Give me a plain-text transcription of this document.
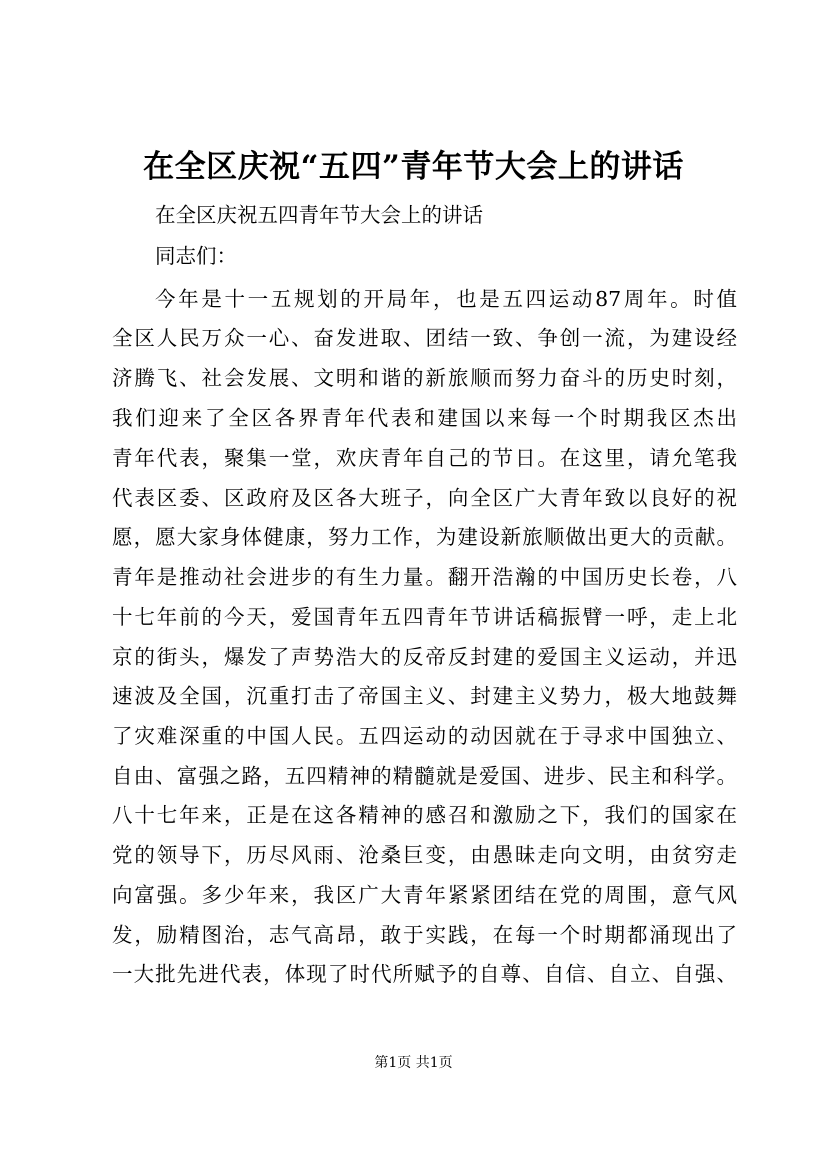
在全区庆祝“五四”青年节大会上的讲话
在全区庆祝五四青年节大会上的讲话
同志们：
今年是十一五规划的开局年，也是五四运动87周年。时值
全区人民万众一心、奋发进取、团结一致、争创一流，为建设经
济腾飞、社会发展、文明和谐的新旅顺而努力奋斗的历史时刻，
我们迎来了全区各界青年代表和建国以来每一个时期我区杰出
青年代表，聚集一堂，欢庆青年自己的节日。在这里，请允笔我
代表区委、区政府及区各大班子，向全区广大青年致以良好的祝
愿，愿大家身体健康，努力工作，为建设新旅顺做出更大的贡献。
青年是推动社会进步的有生力量。翻开浩瀚的中国历史长卷，八
十七年前的今天，爱国青年五四青年节讲话稿振臂一呼，走上北
京的街头，爆发了声势浩大的反帝反封建的爱国主义运动，并迅
速波及全国，沉重打击了帝国主义、封建主义势力，极大地鼓舞
了灾难深重的中国人民。五四运动的动因就在于寻求中国独立、
自由、富强之路，五四精神的精髓就是爱国、进步、民主和科学。
八十七年来，正是在这各精神的感召和激励之下，我们的国家在
党的领导下，历尽风雨、沧桑巨变，由愚昧走向文明，由贫穷走
向富强。多少年来，我区广大青年紧紧团结在党的周围，意气风
发，励精图治，志气高昂，敢于实践，在每一个时期都涌现出了
一大批先进代表，体现了时代所赋予的自尊、自信、自立、自强、
第1页 共1页
